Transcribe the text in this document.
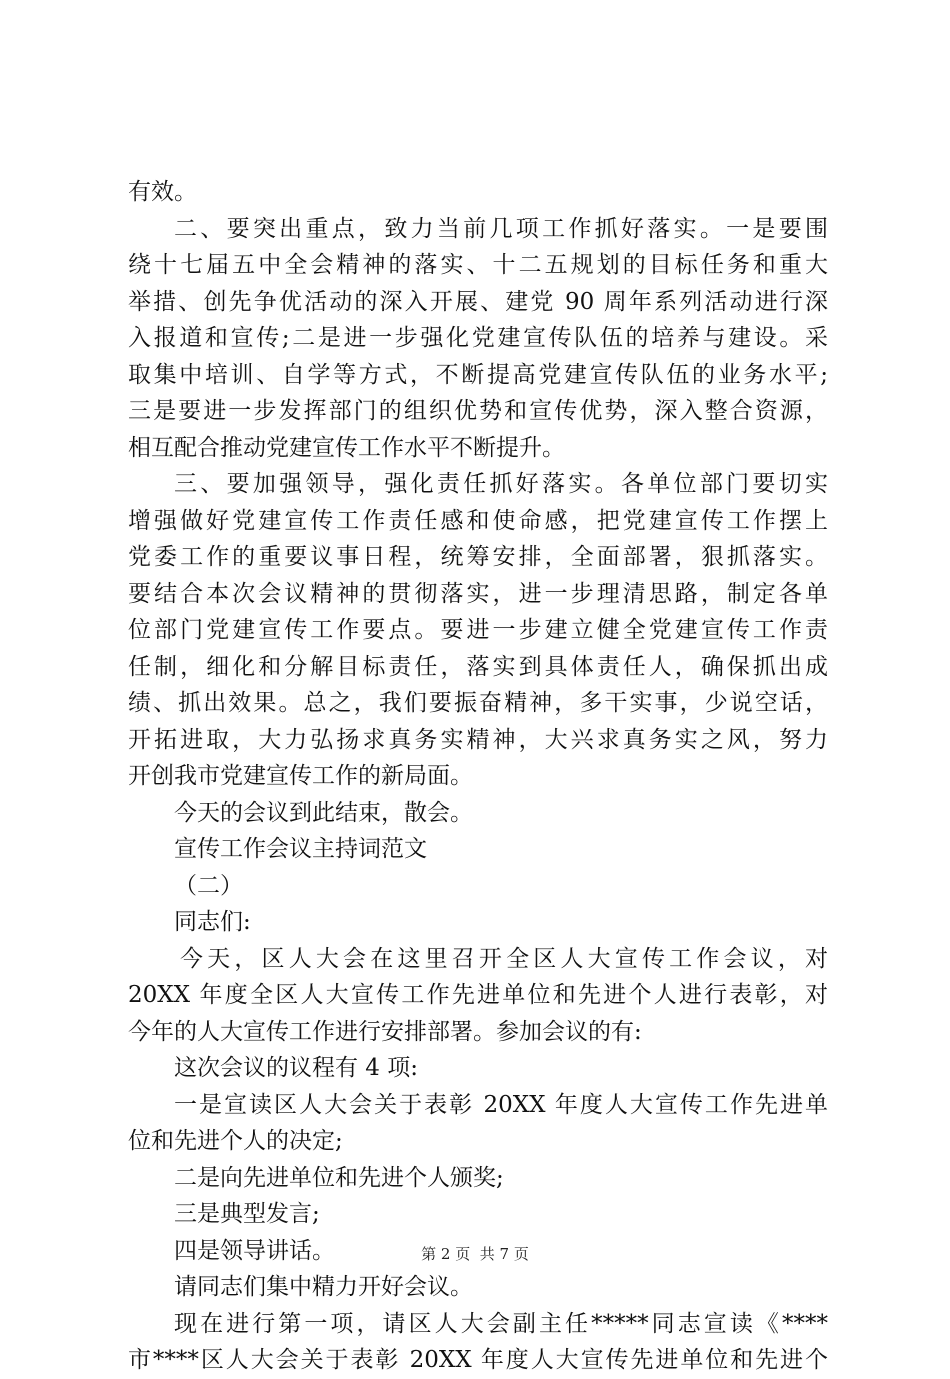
有效。
二、要突出重点，致力当前几项工作抓好落实。一是要围
绕十七届五中全会精神的落实、十二五规划的目标任务和重大
举措、创先争优活动的深入开展、建党 90 周年系列活动进行深
入报道和宣传;二是进一步强化党建宣传队伍的培养与建设。采
取集中培训、自学等方式，不断提高党建宣传队伍的业务水平;
三是要进一步发挥部门的组织优势和宣传优势，深入整合资源，
相互配合推动党建宣传工作水平不断提升。
三、要加强领导，强化责任抓好落实。各单位部门要切实
增强做好党建宣传工作责任感和使命感，把党建宣传工作摆上
党委工作的重要议事日程，统筹安排，全面部署，狠抓落实。
要结合本次会议精神的贯彻落实，进一步理清思路，制定各单
位部门党建宣传工作要点。要进一步建立健全党建宣传工作责
任制，细化和分解目标责任，落实到具体责任人，确保抓出成
绩、抓出效果。总之，我们要振奋精神，多干实事，少说空话，
开拓进取，大力弘扬求真务实精神，大兴求真务实之风，努力
开创我市党建宣传工作的新局面。
今天的会议到此结束，散会。
宣传工作会议主持词范文
（二）
同志们:
今天，区人大会在这里召开全区人大宣传工作会议，对
20XX 年度全区人大宣传工作先进单位和先进个人进行表彰，对
今年的人大宣传工作进行安排部署。参加会议的有:
这次会议的议程有 4 项:
一是宣读区人大会关于表彰 20XX 年度人大宣传工作先进单
位和先进个人的决定;
二是向先进单位和先进个人颁奖;
三是典型发言;
四是领导讲话。
请同志们集中精力开好会议。
现在进行第一项，请区人大会副主任*****同志宣读《****
市****区人大会关于表彰 20XX 年度人大宣传先进单位和先进个
第 2 页  共 7 页
